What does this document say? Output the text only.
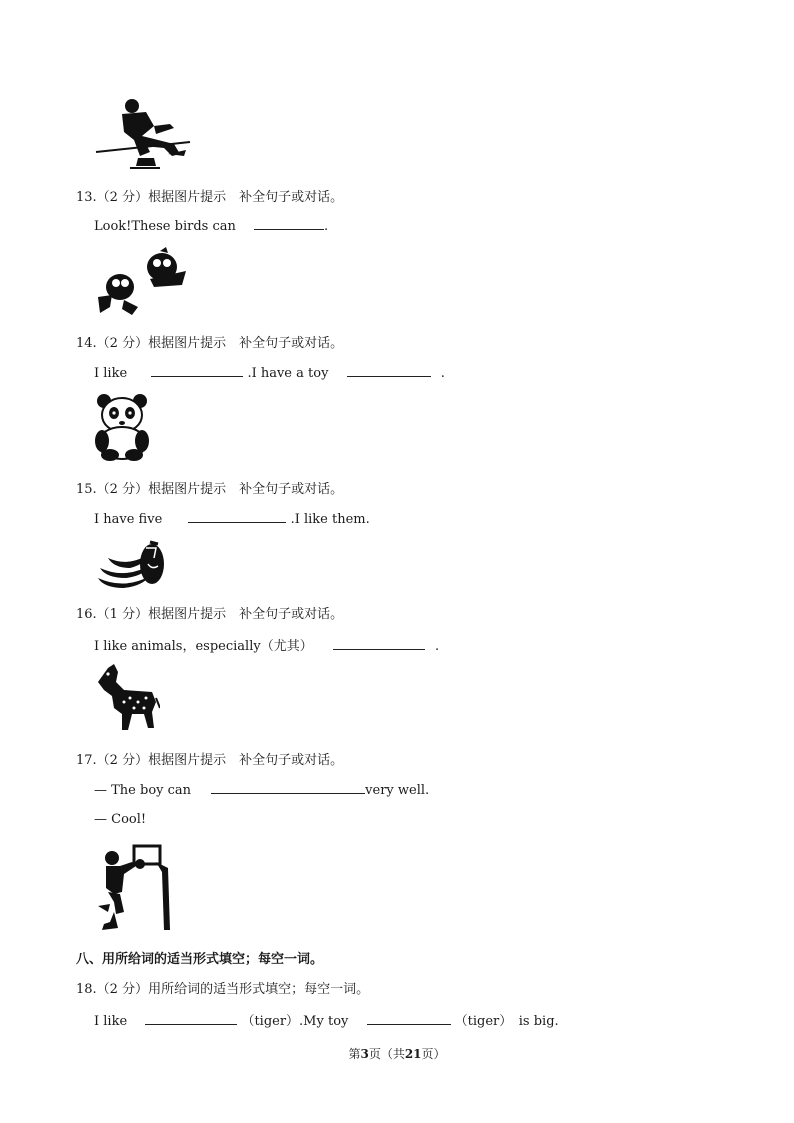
13.（2 分）根据图片提示　补全句子或对话。
Look!These birds can	.
14.（2 分）根据图片提示　补全句子或对话。
I like	.I have a toy	.
15.（2 分）根据图片提示　补全句子或对话。
I have five	.I like them.
16.（1 分）根据图片提示　补全句子或对话。
I like animals，especially（尤其）	.
17.（2 分）根据图片提示　补全句子或对话。
— The boy can	very well.
— Cool!
八、用所给词的适当形式填空；每空一词。
18.（2 分）用所给词的适当形式填空；每空一词。
I like	（tiger）.My toy	（tiger）　is big.
第3页（共21页）
